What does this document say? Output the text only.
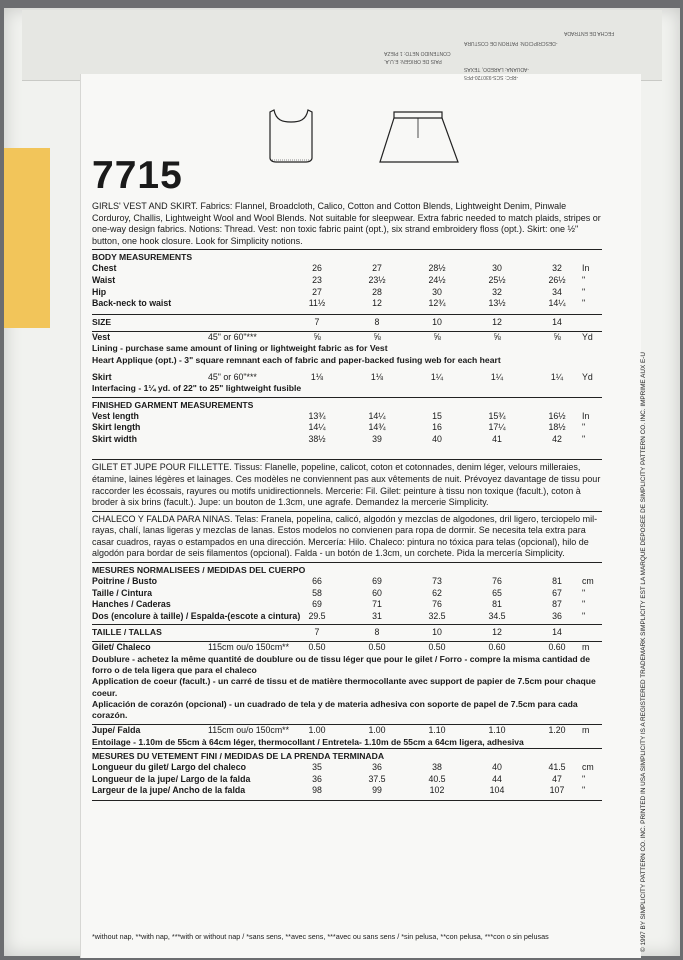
FECHA DE ENTRADA
-DESCRIPCION: PATRON DE COSTURA
CONTENIDO NETO: 1 PIEZA
PAIS DE ORIGEN: E.U.A.
-ADUANA: LAREDO, TEXAS
-RFC: SCS-930720-PF5
7715
© 1997 BY SIMPLICITY PATTERN CO. INC. PRINTED IN USA SIMPLICITY IS A REGISTERED TRADEMARK SIMPLICITY EST LA MARQUE DEPOSEE DE SIMPLICITY PATTERN CO. INC. IMPRIME AUX E-U

GIRLS' VEST AND SKIRT. Fabrics: Flannel, Broadcloth, Calico, Cotton and Cotton Blends, Lightweight Denim, Pinwale Corduroy, Challis, Lightweight Wool and Wool Blends. Not suitable for sleepwear. Extra fabric needed to match plaids, stripes or one-way design fabrics. Notions: Thread. Vest: non toxic fabric paint (opt.), six strand embroidery floss (opt.). Skirt: one ½" button, one hook closure. Look for Simplicity notions.

BODY MEASUREMENTS
Chest	26	27	28½	30	32	In
Waist	23	23½	24½	25½	26½	"
Hip	27	28	30	32	34	"
Back-neck to waist	11½	12	12¾	13½	14¼	"
SIZE	7	8	10	12	14
Vest	45" or 60"***	⅝	⅝	⅝	⅝	⅝	Yd
Lining - purchase same amount of lining or lightweight fabric as for Vest
Heart Applique (opt.) - 3" square remnant each of fabric and paper-backed fusing web for each heart
Skirt	45" or 60"***	1⅛	1⅛	1¼	1¼	1¼	Yd
Interfacing - 1¼ yd. of 22" to 25" lightweight fusible
FINISHED GARMENT MEASUREMENTS
Vest length	13¾	14¼	15	15¾	16½	In
Skirt length	14¼	14¾	16	17¼	18½	"
Skirt width	38½	39	40	41	42	"

GILET ET JUPE POUR FILLETTE. Tissus: Flanelle, popeline, calicot, coton et cotonnades, denim léger, velours milleraies, étamine, laines légères et lainages. Ces modèles ne conviennent pas aux vêtements de nuit. Prévoyez davantage de tissu pour raccorder les écossais, rayures ou motifs unidirectionnels. Mercerie: Fil. Gilet: peinture à tissu non toxique (facult.), coton à broder à six brins (facult.). Jupe: un bouton de 1.3cm, une agrafe. Demandez la mercerie Simplicity.

CHALECO Y FALDA PARA NINAS. Telas: Franela, popelina, calicó, algodón y mezclas de algodones, dril ligero, terciopelo mil-rayas, chalí, lanas ligeras y mezclas de lanas. Estos modelos no convienen para ropa de dormir. Se necesita tela extra para casar cuadros, rayas o estampados en una dirección. Mercería: Hilo. Chaleco: pintura no tóxica para telas (opcional), hilo de algodón para bordar de seis filamentos (opcional). Falda - un botón de 1.3cm, un corchete. Pida la mercería Simplicity.

MESURES NORMALISEES / MEDIDAS DEL CUERPO
Poitrine / Busto	66	69	73	76	81	cm
Taille / Cintura	58	60	62	65	67	"
Hanches / Caderas	69	71	76	81	87	"
Dos (encolure à taille) / Espalda-(escote a cintura) 29.5	31	32.5	34.5	36	"
TAILLE / TALLAS	7	8	10	12	14
Gilet/ Chaleco	115cm ou/o 150cm**	0.50	0.50	0.50	0.60	0.60	m
Doublure - achetez la même quantité de doublure ou de tissu léger que pour le gilet / Forro - compre la misma cantidad de forro o de tela ligera que para el chaleco
Application de coeur (facult.) - un carré de tissu et de matière thermocollante avec support de papier de 7.5cm pour chaque coeur.
Aplicación de corazón (opcional) - un cuadrado de tela y de materia adhesiva con soporte de papel de 7.5cm para cada corazón.
Jupe/ Falda	115cm ou/o 150cm**	1.00	1.00	1.10	1.10	1.20	m
Entoilage - 1.10m de 55cm à 64cm léger, thermocollant / Entretela- 1.10m de 55cm a 64cm ligera, adhesiva
MESURES DU VETEMENT FINI / MEDIDAS DE LA PRENDA TERMINADA
Longueur du gilet/ Largo del chaleco	35	36	38	40	41.5	cm
Longueur de la jupe/ Largo de la falda	36	37.5	40.5	44	47	"
Largeur de la jupe/ Ancho de la falda	98	99	102	104	107	"
*without nap, **with nap, ***with or without nap / *sans sens, **avec sens, ***avec ou sans sens / *sin pelusa, **con pelusa, ***con o sin pelusas
